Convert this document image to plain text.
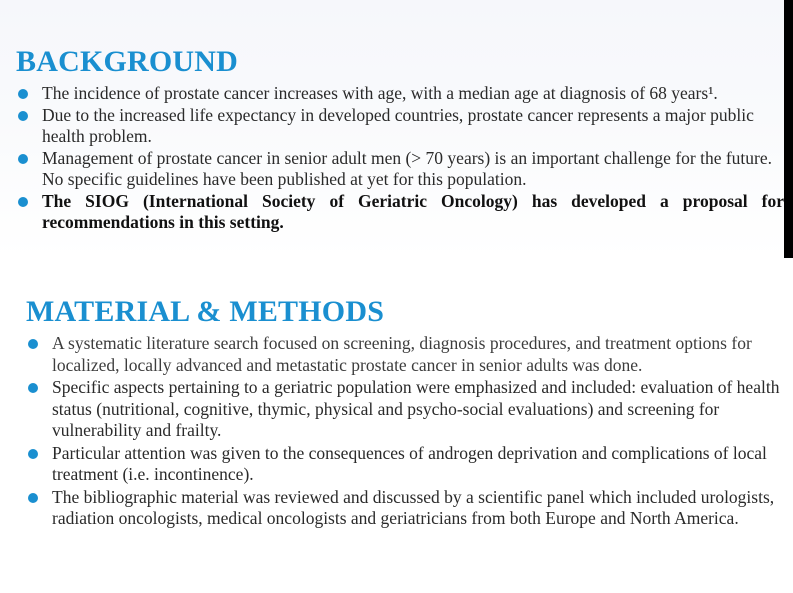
BACKGROUND
The incidence of prostate cancer increases with age, with a median age at diagnosis of 68 years¹.
Due to the increased life expectancy in developed countries, prostate cancer represents a major public health problem.
Management of prostate cancer in senior adult men (> 70 years) is an important challenge for the future. No specific guidelines have been published at yet for this population.
The SIOG (International Society of Geriatric Oncology) has developed a proposal for recommendations in this setting.
MATERIAL & METHODS
A systematic literature search focused on screening, diagnosis procedures, and treatment options for localized, locally advanced and metastatic prostate cancer in senior adults was done.
Specific aspects pertaining to a geriatric population were emphasized and included: evaluation of health status (nutritional, cognitive, thymic, physical and psycho-social evaluations) and screening for vulnerability and frailty.
Particular attention was given to the consequences of androgen deprivation and complications of local treatment (i.e. incontinence).
The bibliographic material was reviewed and discussed by a scientific panel which included urologists, radiation oncologists, medical oncologists and geriatricians from both Europe and North America.
